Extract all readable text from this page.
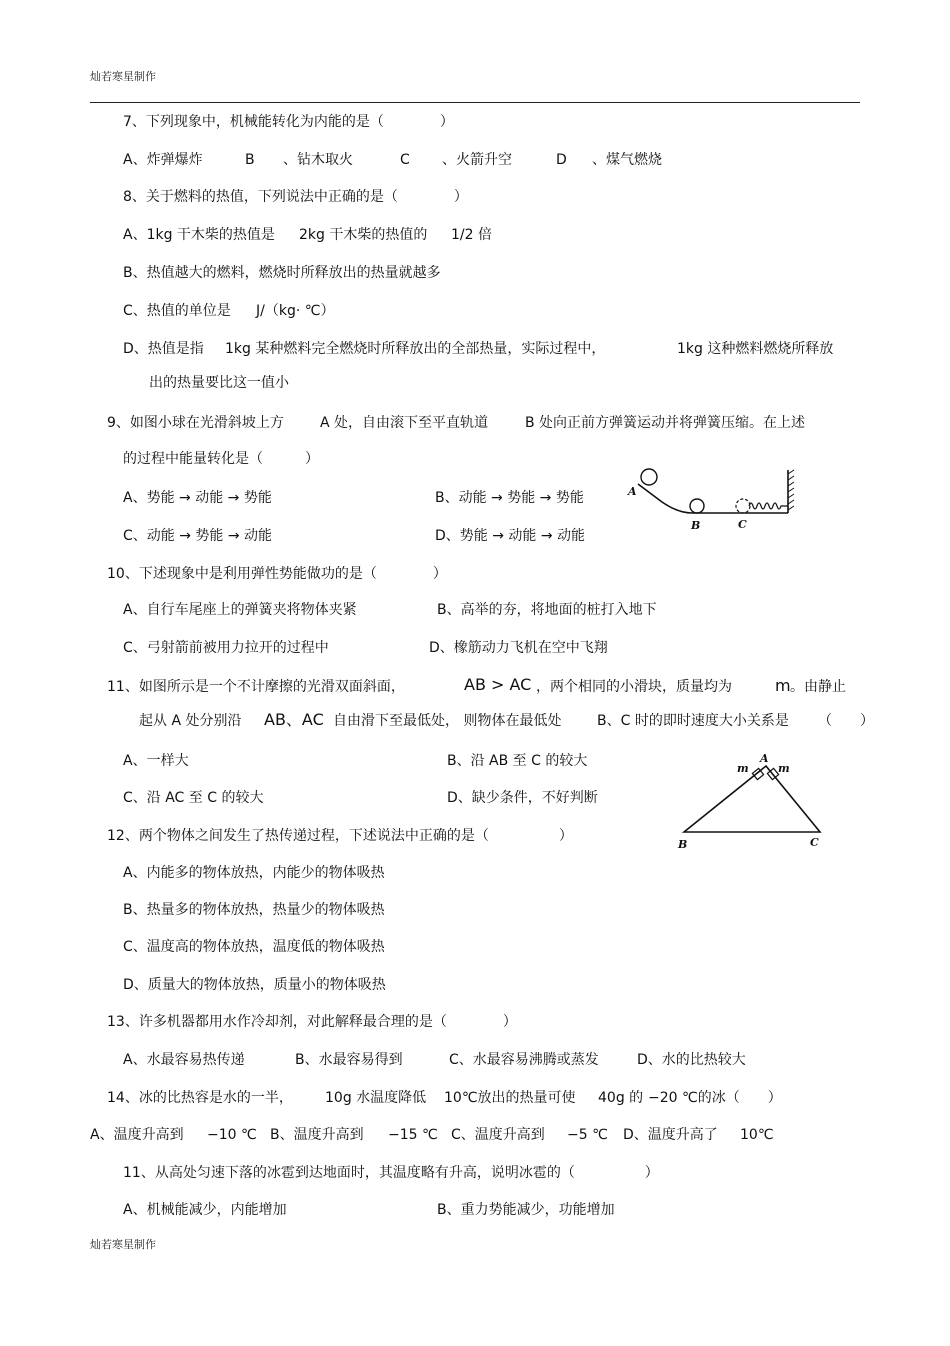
灿若寒星制作
7、下列现象中，机械能转化为内能的是（　　　　）
A、炸弹爆炸	B 、钻木取火	C 、火箭升空	D 、煤气燃烧
8、关于燃料的热值，下列说法中正确的是（　　　　）
A、1kg 干木柴的热值是 2kg 干木柴的热值的 1/2 倍
B、热值越大的燃料，燃烧时所释放出的热量就越多
C、热值的单位是 J/（kg· ℃）
D、热值是指 1kg 某种燃料完全燃烧时所释放出的全部热量，实际过程中，	1kg 这种燃料燃烧所释放
出的热量要比这一值小
9、如图小球在光滑斜坡上方	A 处，自由滚下至平直轨道	B 处向正前方弹簧运动并将弹簧压缩。在上述
的过程中能量转化是（　　　）
A、势能 → 动能 → 势能	B、动能 → 势能 → 势能
C、动能 → 势能 → 动能	D、势能 → 动能 → 动能
A
B	C
10、下述现象中是利用弹性势能做功的是（　　　　）
A、自行车尾座上的弹簧夹将物体夹紧	B、高举的夯，将地面的桩打入地下
C、弓射箭前被用力拉开的过程中	D、橡筋动力飞机在空中飞翔
11、如图所示是一个不计摩擦的光滑双面斜面，	AB > AC ，两个相同的小滑块，质量均为	m 。由静止
起从 A 处分别沿 AB、AC 自由滑下至最低处， 则物体在最低处	B、C 时的即时速度大小关系是 （　　）
A、一样大	B、沿 AB 至 C 的较大
C、沿 AC 至 C 的较大	D、缺少条件，不好判断
A
m	m
B	C
12、两个物体之间发生了热传递过程，下述说法中正确的是（　　　　　）
A、内能多的物体放热，内能少的物体吸热
B、热量多的物体放热，热量少的物体吸热
C、温度高的物体放热，温度低的物体吸热
D、质量大的物体放热，质量小的物体吸热
13、许多机器都用水作冷却剂，对此解释最合理的是（　　　　）
A、水最容易热传递	B、水最容易得到	C、水最容易沸腾或蒸发	D、水的比热较大
14、冰的比热容是水的一半， 10g 水温度降低 10℃放出的热量可使 40g 的 −20 ℃的冰（　　）
A、温度升高到 −10 ℃ B、温度升高到 −15 ℃ C、温度升高到 −5 ℃ D、温度升高了 10℃
11、从高处匀速下落的冰雹到达地面时，其温度略有升高，说明冰雹的（　　　　　）
A、机械能减少，内能增加	B、重力势能减少，功能增加
灿若寒星制作
